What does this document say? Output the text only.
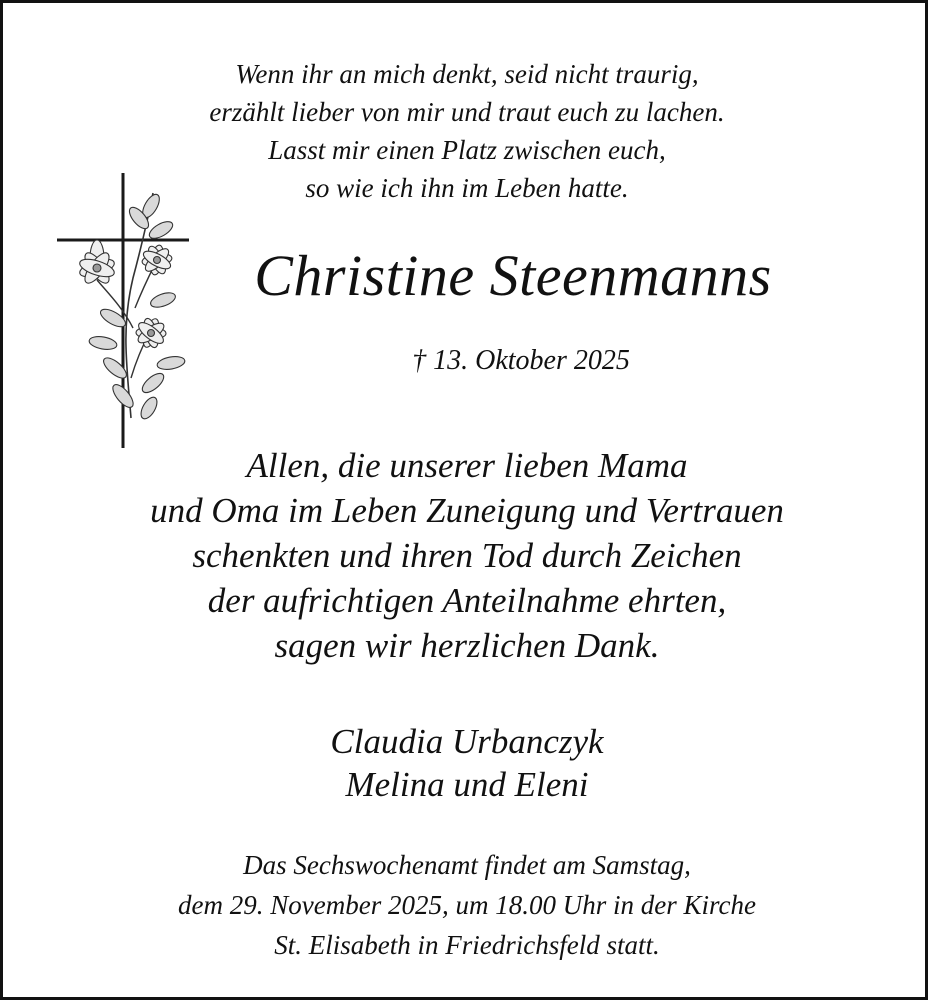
Wenn ihr an mich denkt, seid nicht traurig,
erzählt lieber von mir und traut euch zu lachen.
Lasst mir einen Platz zwischen euch,
so wie ich ihn im Leben hatte.
Christine Steenmanns
† 13. Oktober 2025
Allen, die unserer lieben Mama
und Oma im Leben Zuneigung und Vertrauen
schenkten und ihren Tod durch Zeichen
der aufrichtigen Anteilnahme ehrten,
sagen wir herzlichen Dank.
Claudia Urbanczyk
Melina und Eleni
Das Sechswochenamt findet am Samstag,
dem 29. November 2025, um 18.00 Uhr in der Kirche
St. Elisabeth in Friedrichsfeld statt.
